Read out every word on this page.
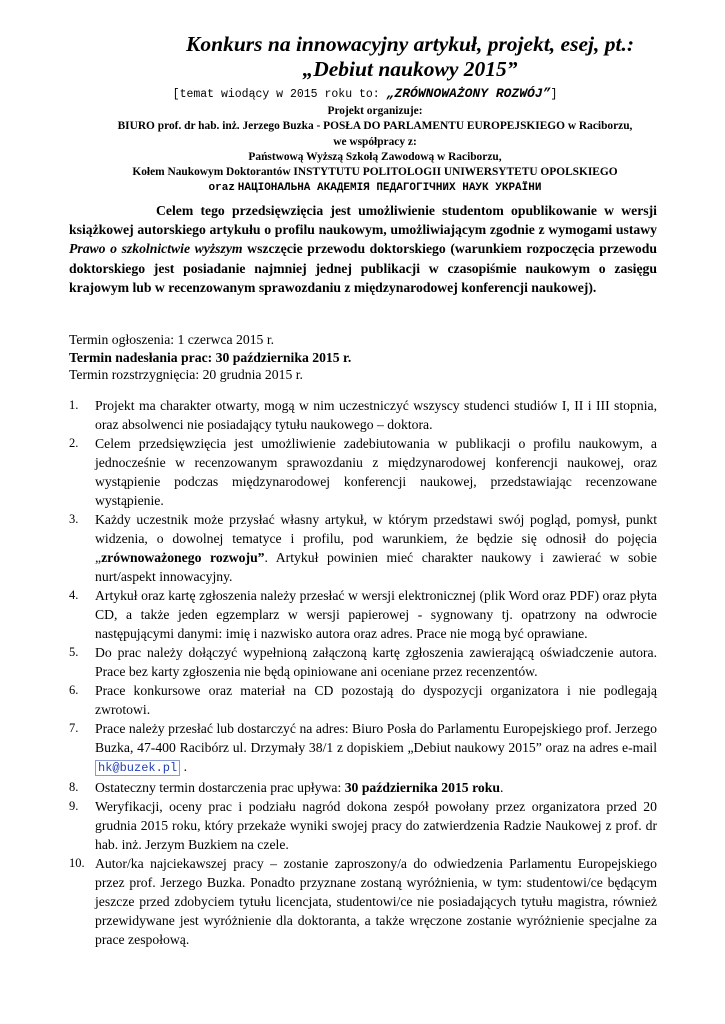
Konkurs na innowacyjny artykuł, projekt, esej, pt.:
„Debiut naukowy 2015”
[temat wiodący w 2015 roku to: „ZRÓWNOWAŻONY ROZWÓJ”]
Projekt organizuje:
BIURO prof. dr hab. inż. Jerzego Buzka - POSŁA DO PARLAMENTU EUROPEJSKIEGO w Raciborzu,
we współpracy z:
Państwową Wyższą Szkołą Zawodową w Raciborzu,
Kołem Naukowym Doktorantów INSTYTUTU POLITOLOGII UNIWERSYTETU OPOLSKIEGO
oraz НАЦІОНАЛЬНА АКАДЕМІЯ ПЕДАГОГІЧНИХ НАУК УКРАЇНИ
Celem tego przedsięwzięcia jest umożliwienie studentom opublikowanie w wersji książkowej autorskiego artykułu o profilu naukowym, umożliwiającym zgodnie z wymogami ustawy Prawo o szkolnictwie wyższym wszczęcie przewodu doktorskiego (warunkiem rozpoczęcia przewodu doktorskiego jest posiadanie najmniej jednej publikacji w czasopiśmie naukowym o zasięgu krajowym lub w recenzowanym sprawozdaniu z międzynarodowej konferencji naukowej).
Termin ogłoszenia: 1 czerwca 2015 r.
Termin nadesłania prac: 30 października 2015 r.
Termin rozstrzygnięcia: 20 grudnia 2015 r.
1. Projekt ma charakter otwarty, mogą w nim uczestniczyć wszyscy studenci studiów I, II i III stopnia, oraz absolwenci nie posiadający tytułu naukowego – doktora.
2. Celem przedsięwzięcia jest umożliwienie zadebiutowania w publikacji o profilu naukowym, a jednocześnie w recenzowanym sprawozdaniu z międzynarodowej konferencji naukowej, oraz wystąpienie podczas międzynarodowej konferencji naukowej, przedstawiając recenzowane wystąpienie.
3. Każdy uczestnik może przysłać własny artykuł, w którym przedstawi swój pogląd, pomysł, punkt widzenia, o dowolnej tematyce i profilu, pod warunkiem, że będzie się odnosił do pojęcia „zrównoważonego rozwoju”. Artykuł powinien mieć charakter naukowy i zawierać w sobie nurt/aspekt innowacyjny.
4. Artykuł oraz kartę zgłoszenia należy przesłać w wersji elektronicznej (plik Word oraz PDF) oraz płyta CD, a także jeden egzemplarz w wersji papierowej - sygnowany tj. opatrzony na odwrocie następującymi danymi: imię i nazwisko autora oraz adres. Prace nie mogą być oprawiane.
5. Do prac należy dołączyć wypełnioną załączoną kartę zgłoszenia zawierającą oświadczenie autora. Prace bez karty zgłoszenia nie będą opiniowane ani oceniane przez recenzentów.
6. Prace konkursowe oraz materiał na CD pozostają do dyspozycji organizatora i nie podlegają zwrotowi.
7. Prace należy przesłać lub dostarczyć na adres: Biuro Posła do Parlamentu Europejskiego prof. Jerzego Buzka, 47-400 Racibórz ul. Drzymały 38/1 z dopiskiem „Debiut naukowy 2015” oraz na adres e-mail hk@buzek.pl .
8. Ostateczny termin dostarczenia prac upływa: 30 października 2015 roku.
9. Weryfikacji, oceny prac i podziału nagród dokona zespół powołany przez organizatora przed 20 grudnia 2015 roku, który przekaże wyniki swojej pracy do zatwierdzenia Radzie Naukowej z prof. dr hab. inż. Jerzym Buzkiem na czele.
10. Autor/ka najciekawszej pracy – zostanie zaproszony/a do odwiedzenia Parlamentu Europejskiego przez prof. Jerzego Buzka. Ponadto przyznane zostaną wyróżnienia, w tym: studentowi/ce będącym jeszcze przed zdobyciem tytułu licencjata, studentowi/ce nie posiadających tytułu magistra, również przewidywane jest wyróżnienie dla doktoranta, a także wręczone zostanie wyróżnienie specjalne za prace zespołową.
